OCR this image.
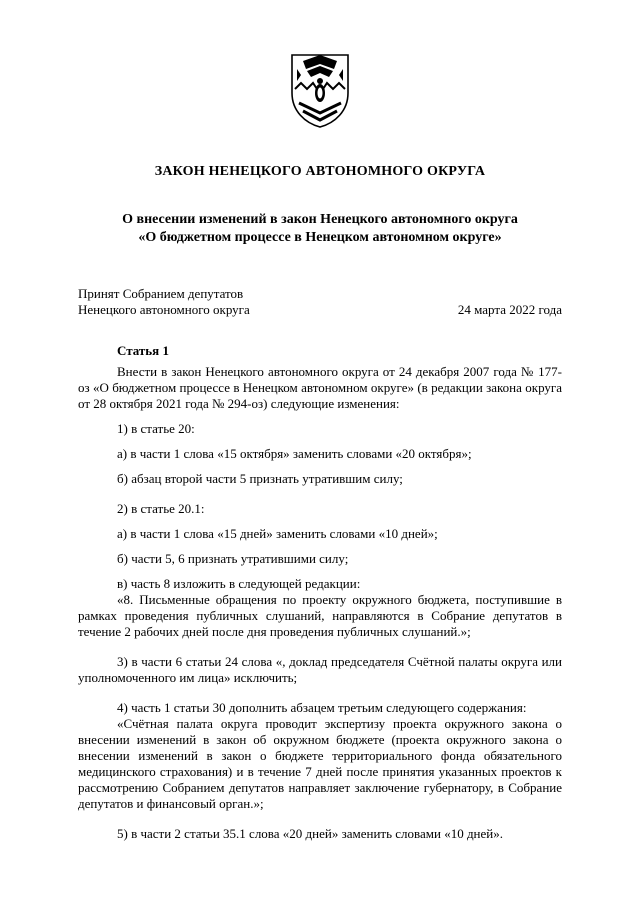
ЗАКОН НЕНЕЦКОГО АВТОНОМНОГО ОКРУГА
О внесении изменений в закон Ненецкого автономного округа
«О бюджетном процессе в Ненецком автономном округе»
Принят Собранием депутатов
Ненецкого автономного округа	24 марта 2022 года
Статья 1

Внести в закон Ненецкого автономного округа от 24 декабря 2007 года № 177-оз «О бюджетном процессе в Ненецком автономном округе» (в редакции закона округа от 28 октября 2021 года № 294-оз) следующие изменения:

1) в статье 20:

а) в части 1 слова «15 октября» заменить словами «20 октября»;

б) абзац второй части 5 признать утратившим силу;

2) в статье 20.1:

а) в части 1 слова «15 дней» заменить словами «10 дней»;

б) части 5, 6 признать утратившими силу;

в) часть 8 изложить в следующей редакции:

«8. Письменные обращения по проекту окружного бюджета, поступившие в рамках проведения публичных слушаний, направляются в Собрание депутатов в течение 2 рабочих дней после дня проведения публичных слушаний.»;

3) в части 6 статьи 24 слова «, доклад председателя Счётной палаты округа или уполномоченного им лица» исключить;

4) часть 1 статьи 30 дополнить абзацем третьим следующего содержания:

«Счётная палата округа проводит экспертизу проекта окружного закона о внесении изменений в закон об окружном бюджете (проекта окружного закона о внесении изменений в закон о бюджете территориального фонда обязательного медицинского страхования) и в течение 7 дней после принятия указанных проектов к рассмотрению Собранием депутатов направляет заключение губернатору, в Собрание депутатов и финансовый орган.»;

5) в части 2 статьи 35.1 слова «20 дней» заменить словами «10 дней».
